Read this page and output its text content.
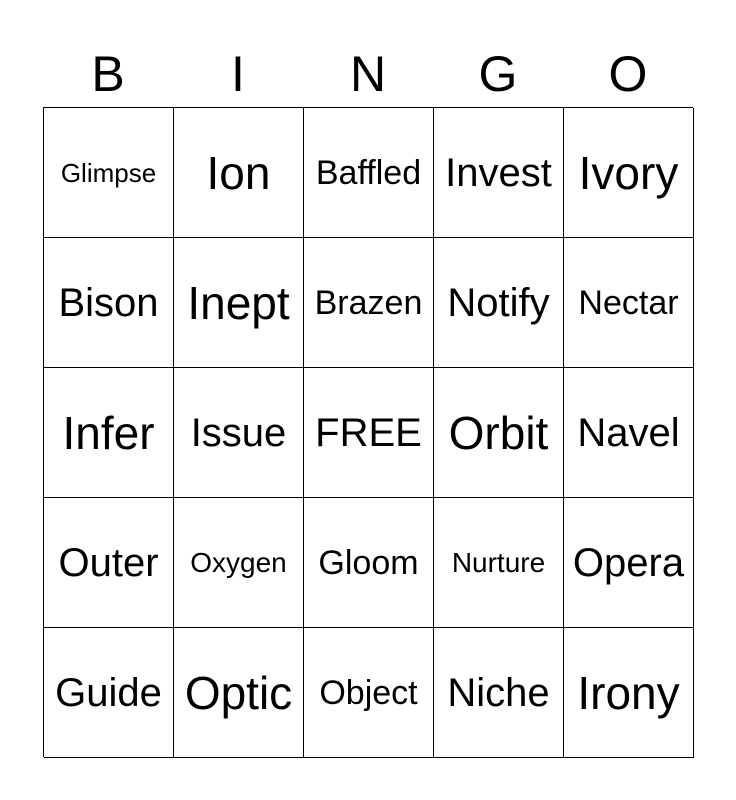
B	I	N	G	O
Glimpse	Ion	Baffled Invest Ivory
Bison Inept Brazen Notify Nectar
Infer Issue FREE Orbit Navel
Outer	Oxygen Gloom	Nurture Opera
Guide Optic Object Niche Irony
